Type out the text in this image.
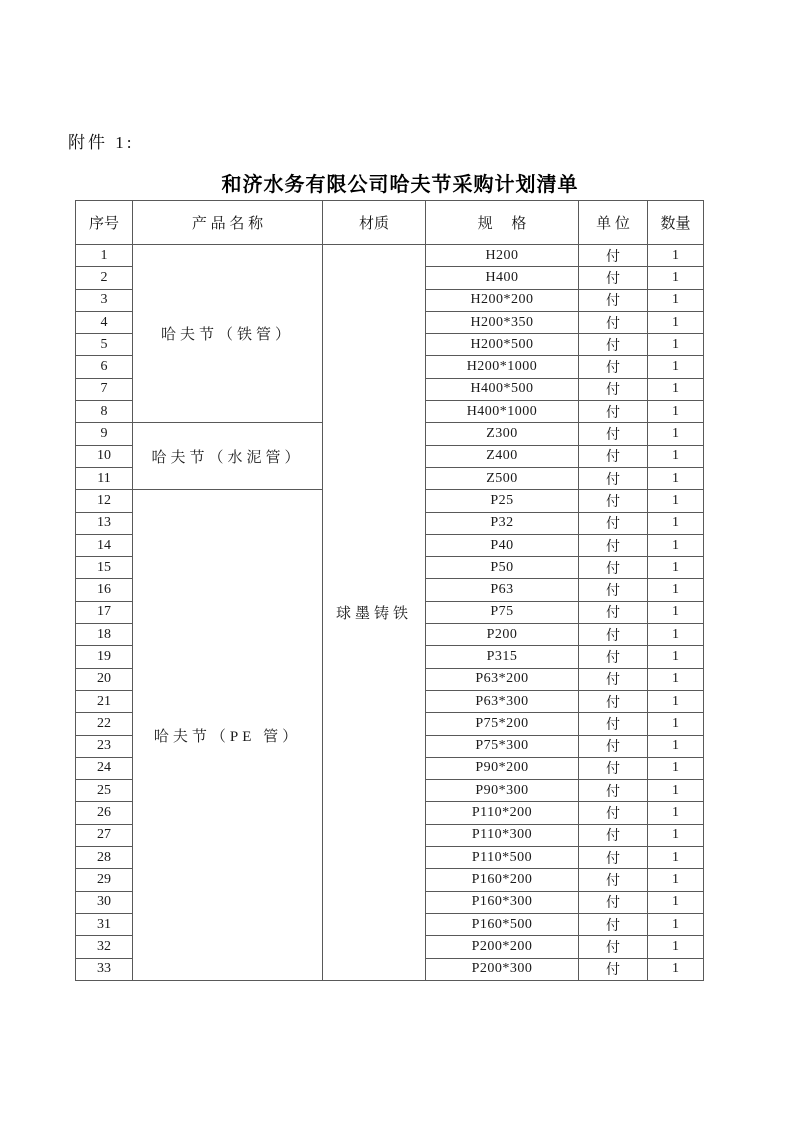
附件 1:
和济水务有限公司哈夫节采购计划清单
序号	产 品 名 称	材质	规　 格	单 位	数量
1	哈夫节（铁管）	球墨铸铁	H200	付	1
2			H400	付	1
3			H200*200	付	1
4			H200*350	付	1
5			H200*500	付	1
6			H200*1000	付	1
7			H400*500	付	1
8			H400*1000	付	1
9	哈夫节（水泥管）		Z300	付	1
10			Z400	付	1
11			Z500	付	1
12	哈夫节（PE 管）		P25	付	1
13			P32	付	1
14			P40	付	1
15			P50	付	1
16			P63	付	1
17			P75	付	1
18			P200	付	1
19			P315	付	1
20			P63*200	付	1
21			P63*300	付	1
22			P75*200	付	1
23			P75*300	付	1
24			P90*200	付	1
25			P90*300	付	1
26			P110*200	付	1
27			P110*300	付	1
28			P110*500	付	1
29			P160*200	付	1
30			P160*300	付	1
31			P160*500	付	1
32			P200*200	付	1
33			P200*300	付	1
